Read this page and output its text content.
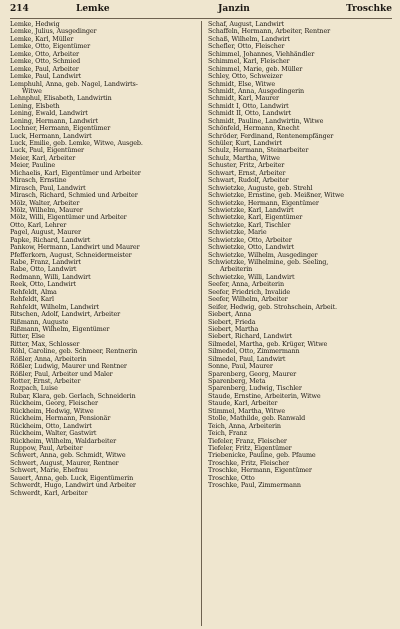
214	Lemke	Janzin	Troschke
Lemke, Hedwig
Lemke, Julius, Ausgedinger
Lemke, Karl, Müller
Lemke, Otto, Eigentümer
Lemke, Otto, Arbeiter
Lemke, Otto, Schmied
Lemke, Paul, Arbeiter
Lemke, Paul, Landwirt
Lemphuhl, Anna, geb. Nagel, Landwirts-
Witwe
Lehnphul, Elisabeth, Landwirtin
Lening, Elsbeth
Lening, Ewald, Landwirt
Lening, Hermann, Landwirt
Lochner, Hermann, Eigentümer
Luck, Hermann, Landwirt
Luck, Emilie, geb. Lemke, Witwe, Ausgeb.
Luck, Paul, Eigentümer
Meier, Karl, Arbeiter
Meier, Pauline
Michaelis, Karl, Eigentümer und Arbeiter
Mirasch, Ernstine
Mirasch, Paul, Landwirt
Mirasch, Richard, Schmied und Arbeiter
Mölz, Walter, Arbeiter
Mölz, Wilhelm, Maurer
Mölz, Willi, Eigentümer und Arbeiter
Otto, Karl, Lehrer
Pagel, August, Maurer
Papke, Richard, Landwirt
Pankow, Hermann, Landwirt und Maurer
Pfefferkorn, August, Schneidermeister
Rabe, Franz, Landwirt
Rabe, Otto, Landwirt
Redmann, Willi, Landwirt
Reek, Otto, Landwirt
Rehfeldt, Alma
Rehfeldt, Karl
Rehfeldt, Wilhelm, Landwirt
Ritschen, Adolf, Landwirt, Arbeiter
Rißmann, Auguste
Rißmann, Wilhelm, Eigentümer
Ritter, Else
Ritter, Max, Schlosser
Röhl, Caroline, geb. Schmeer, Rentnerin
Rößler, Anna, Arbeiterin
Rößler, Ludwig, Maurer und Rentner
Rößler, Paul, Arbeiter und Maler
Rotter, Ernst, Arbeiter
Rozpach, Luise
Rubar, Klara, geb. Gerlach, Schneiderin
Rückheim, Georg, Fleischer
Rückheim, Hedwig, Witwe
Rückheim, Hermann, Pensionär
Rückheim, Otto, Landwirt
Rückheim, Walter, Gastwirt
Rückheim, Wilhelm, Waldarbeiter
Ruppow, Paul, Arbeiter
Schwert, Anna, geb. Schmidt, Witwe
Schwert, August, Maurer, Rentner
Schwert, Marie, Ehefrau
Sauert, Anna, geb. Luck, Eigentümerin
Schwerdt, Hugo, Landwirt und Arbeiter
Schwerdt, Karl, Arbeiter
Schaf, August, Landwirt
Schaffeln, Hermann, Arbeiter, Rentner
Schaß, Wilhelm, Landwirt
Schefler, Otto, Fleischer
Schimmel, Johannes, Viehhändler
Schimmel, Karl, Fleischer
Schimmel, Marie, geb. Müller
Schley, Otto, Schweizer
Schmidt, Else, Witwe
Schmidt, Anna, Ausgedingerin
Schmidt, Karl, Maurer
Schmidt I, Otto, Landwirt
Schmidt II, Otto, Landwirt
Schmidt, Pauline, Landwirtin, Witwe
Schönfeld, Hermann, Knecht
Schröder, Ferdinand, Rentenempfänger
Schüler, Kurt, Landwirt
Schulz, Hermann, Steinarbeiter
Schulz, Martha, Witwe
Schuster, Fritz, Arbeiter
Schwart, Ernst, Arbeiter
Schwart, Rudolf, Arbeiter
Schwietzke, Auguste, geb. Strehl
Schwietzke, Ernstine, geb. Meißner, Witwe
Schwietzke, Hermann, Eigentümer
Schwietzke, Karl, Landwirt
Schwietzke, Karl, Eigentümer
Schwietzke, Karl, Tischler
Schwietzke, Marie
Schwietzke, Otto, Arbeiter
Schwietzke, Otto, Landwirt
Schwietzke, Wilhelm, Ausgedinger
Schwietzke, Wilhelmine, geb. Seeling,
Arbeiterin
Schwietzke, Willi, Landwirt
Seefer, Anna, Arbeiterin
Seefer, Friedrich, Invalide
Seefer, Wilhelm, Arbeiter
Seifer, Hedwig, geb. Strohschein, Arbeit.
Siebert, Anna
Siebert, Frieda
Siebert, Martha
Siebert, Richard, Landwirt
Silmedel, Martha, geb. Krüger, Witwe
Silmedel, Otto, Zimmermann
Silmedel, Paul, Landwirt
Sonne, Paul, Maurer
Sparenberg, Georg, Maurer
Sparenberg, Meta
Sparenberg, Ludwig, Tischler
Staude, Ernstine, Arbeiterin, Witwe
Staude, Karl, Arbeiter
Stimmel, Martha, Witwe
Stolle, Mathilde, geb. Ranwald
Teich, Anna, Arbeiterin
Teich, Franz
Tiefeler, Franz, Fleischer
Tiefeler, Fritz, Eigentümer
Triebenicke, Pauline, geb. Pfaume
Troschke, Fritz, Fleischer
Troschke, Hermann, Eigentümer
Troschke, Otto
Troschke, Paul, Zimmermann
